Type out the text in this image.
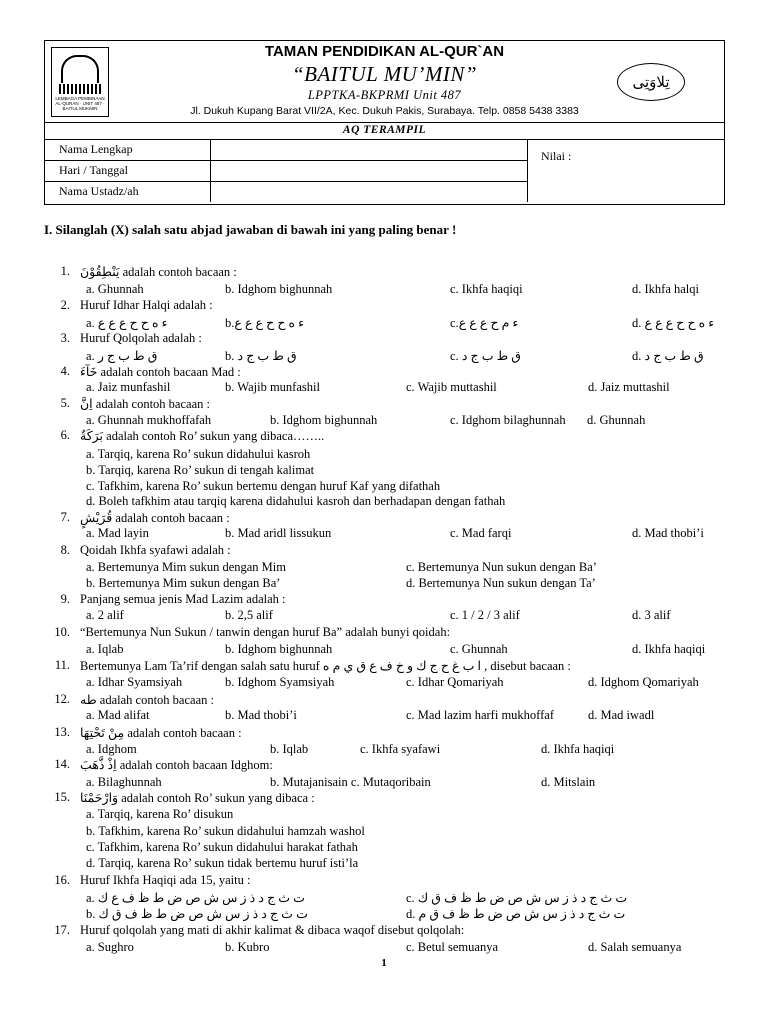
LEMBAGA PEMBINAAN AL-QURAN · UNIT 487 · BAITUL MUKMIN
TAMAN PENDIDIKAN AL-QUR`AN
“BAITUL MU’MIN”
LPPTKA-BKPRMI Unit 487
Jl. Dukuh Kupang Barat VII/2A, Kec. Dukuh Pakis, Surabaya. Telp. 0858 5438 3383
تِلاوَتِى
AQ TERAMPIL
Nama Lengkap
Hari / Tanggal
Nama Ustadz/ah
Nilai :
I. Silanglah (X) salah satu abjad jawaban di bawah ini yang paling benar !
1. يَنْطِقُوْنَ adalah contoh bacaan :
a. Ghunnah	b. Idghom bighunnah	c. Ikhfa haqiqi	d. Ikhfa halqi
2. Huruf Idhar Halqi adalah :
a. ء ه ح ح ع ع ع	b.ء ه ح ح ع ع ع	c.ء م ح ع ع ع	d. ء ه ح ح ع ع ع
3. Huruf Qolqolah adalah :
a. ق ط ب ج ر	b. ق ط ب ج د	c. ق ط ب ج د	d. ق ط ب ج د
4. خَآءَ adalah contoh bacaan Mad :
a. Jaiz munfashil	b. Wajib munfashil	c. Wajib muttashil	d. Jaiz muttashil
5. اِنَّ adalah contoh bacaan :
a. Ghunnah mukhoffafah	b. Idghom bighunnah	c. Idghom bilaghunnah d. Ghunnah
6. بَرَكَةٌ adalah contoh Ro’ sukun yang dibaca……..
a. Tarqiq, karena Ro’ sukun didahului kasroh
b. Tarqiq, karena Ro’ sukun di tengah kalimat
c. Tafkhim, karena Ro’ sukun bertemu dengan huruf Kaf yang difathah
d. Boleh tafkhim atau tarqiq karena didahului kasroh dan berhadapan dengan fathah
7. قُرَيْشٍ adalah contoh bacaan :
a. Mad layin	b. Mad aridl lissukun	c. Mad farqi	d. Mad thobi’i
8. Qoidah Ikhfa syafawi adalah :
a. Bertemunya Mim sukun dengan Mim
b. Bertemunya Mim sukun dengan Ba’
c. Bertemunya Nun sukun dengan Ba’
d. Bertemunya Nun sukun dengan Ta’
9. Panjang semua jenis Mad Lazim adalah :
a. 2 alif	b. 2,5 alif	c. 1 / 2 / 3 alif	d. 3 alif
10. “Bertemunya Nun Sukun / tanwin dengan huruf Ba” adalah bunyi qoidah:
a. Iqlab	b. Idghom bighunnah	c. Ghunnah	d. Ikhfa haqiqi
11. Bertemunya Lam Ta’rif dengan salah satu huruf ا ب غ ح ج ك و خ ف ع ق ي م ه , disebut bacaan :
a. Idhar Syamsiyah	b. Idghom Syamsiyah	c. Idhar Qomariyah	d. Idghom Qomariyah
12. طه adalah contoh bacaan :
a. Mad alifat	b. Mad thobi’i	c. Mad lazim harfi mukhoffaf	d. Mad iwadl
13. مِنْ تَحْتِهَا adalah contoh bacaan :
a. Idghom	b. Iqlab	c. Ikhfa syafawi	d. Ikhfa haqiqi
14. اِذْ ذَّهَبَ adalah contoh bacaan Idghom:
a. Bilaghunnah	b. Mutajanisain c. Mutaqoribain	d. Mitslain
15. وَارْحَمْنَا adalah contoh Ro’ sukun yang dibaca :
a. Tarqiq, karena Ro’ disukun
b. Tafkhim, karena Ro’ sukun didahului hamzah washol
c. Tafkhim, karena Ro’ sukun didahului harakat fathah
d. Tarqiq, karena Ro’ sukun tidak bertemu huruf isti’la
16. Huruf Ikhfa Haqiqi ada 15, yaitu :
a. ت ث ج د ذ ز س ش ص ض ط ظ ف ع ك
b. ت ث ج د ذ ز س ش ص ض ط ظ ف ق ك
c. ت ث ج د ذ ز س ش ص ض ط ظ ف ق ك
d. ت ث ج د ذ ز س ش ص ض ط ظ ف ق م
17. Huruf qolqolah yang mati di akhir kalimat & dibaca waqof disebut qolqolah:
a. Sughro	b. Kubro	c. Betul semuanya	d. Salah semuanya
1
